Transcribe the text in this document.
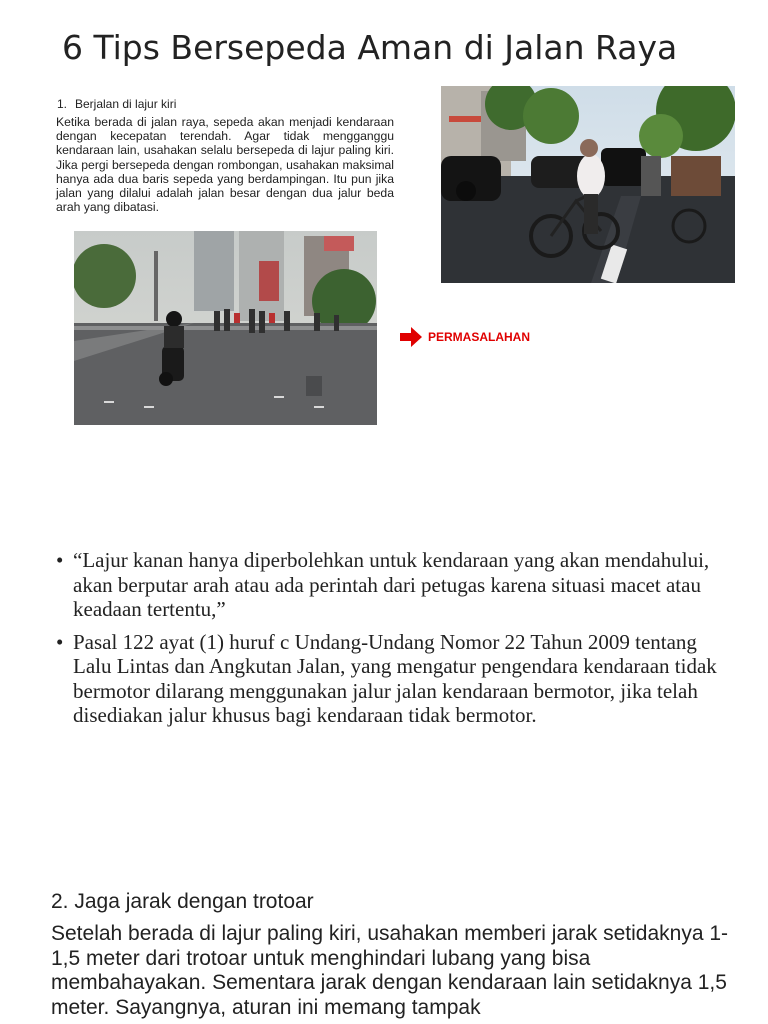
6 Tips Bersepeda Aman di Jalan Raya
1. Berjalan di lajur kiri

Ketika berada di jalan raya, sepeda akan menjadi kendaraan dengan kecepatan terendah. Agar tidak mengganggu kendaraan lain, usahakan selalu bersepeda di lajur paling kiri. Jika pergi bersepeda dengan rombongan, usahakan maksimal hanya ada dua baris sepeda yang berdampingan. Itu pun jika jalan yang dilalui adalah jalan besar dengan dua jalur beda arah yang dibatasi.

PERMASALAHAN
• “Lajur kanan hanya diperbolehkan untuk kendaraan yang akan mendahului, akan berputar arah atau ada perintah dari petugas karena situasi macet atau keadaan tertentu,”
• Pasal 122 ayat (1) huruf c Undang-Undang Nomor 22 Tahun 2009 tentang Lalu Lintas dan Angkutan Jalan, yang mengatur pengendara kendaraan tidak bermotor dilarang menggunakan jalur jalan kendaraan bermotor, jika telah disediakan jalur khusus bagi kendaraan tidak bermotor.
2. Jaga jarak dengan trotoar

Setelah berada di lajur paling kiri, usahakan memberi jarak setidaknya 1-1,5 meter dari trotoar untuk menghindari lubang yang bisa membahayakan. Sementara jarak dengan kendaraan lain setidaknya 1,5 meter. Sayangnya, aturan ini memang tampak
